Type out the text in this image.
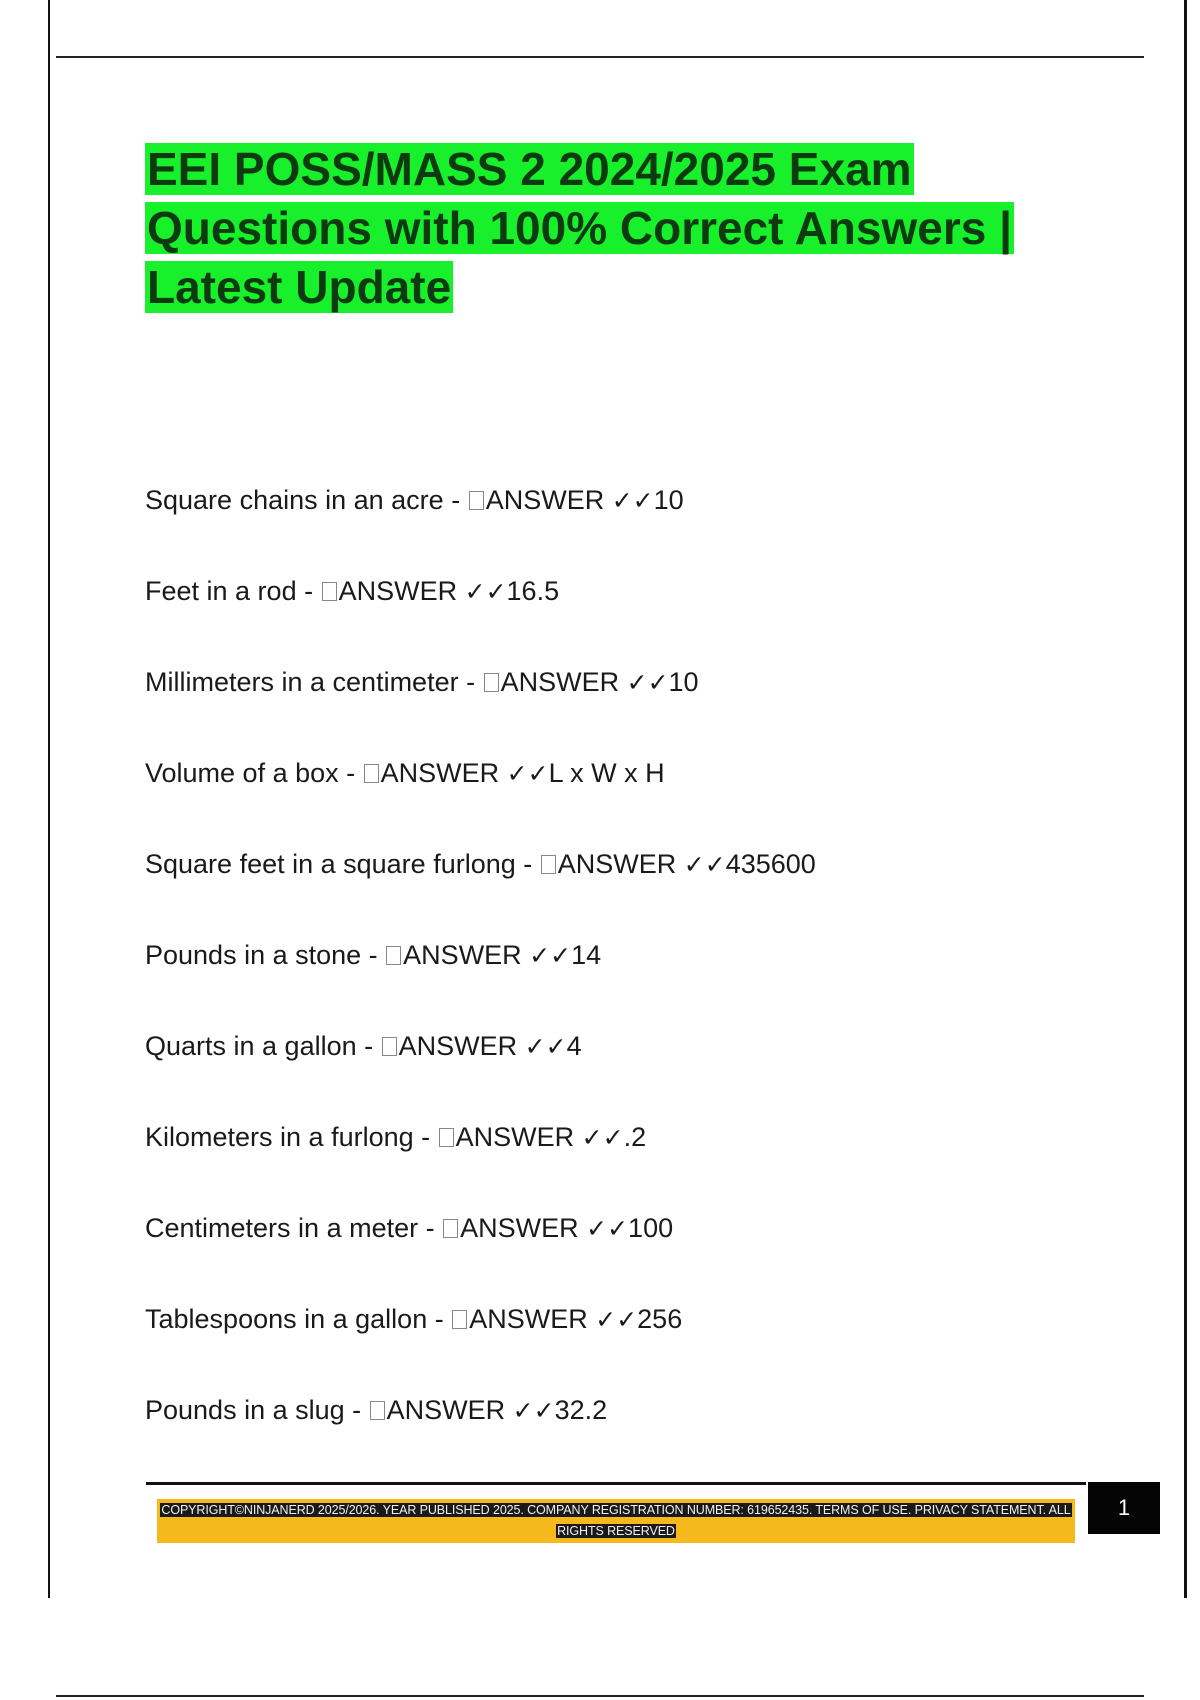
EEI POSS/MASS 2 2024/2025 Exam Questions with 100% Correct Answers | Latest Update
Square chains in an acre - ANSWER ✓✓10
Feet in a rod - ANSWER ✓✓16.5
Millimeters in a centimeter - ANSWER ✓✓10
Volume of a box - ANSWER ✓✓L x W x H
Square feet in a square furlong - ANSWER ✓✓435600
Pounds in a stone - ANSWER ✓✓14
Quarts in a gallon - ANSWER ✓✓4
Kilometers in a furlong - ANSWER ✓✓.2
Centimeters in a meter - ANSWER ✓✓100
Tablespoons in a gallon - ANSWER ✓✓256
Pounds in a slug - ANSWER ✓✓32.2
COPYRIGHT©NINJANERD 2025/2026. YEAR PUBLISHED 2025. COMPANY REGISTRATION NUMBER: 619652435. TERMS OF USE. PRIVACY STATEMENT. ALL RIGHTS RESERVED
1
